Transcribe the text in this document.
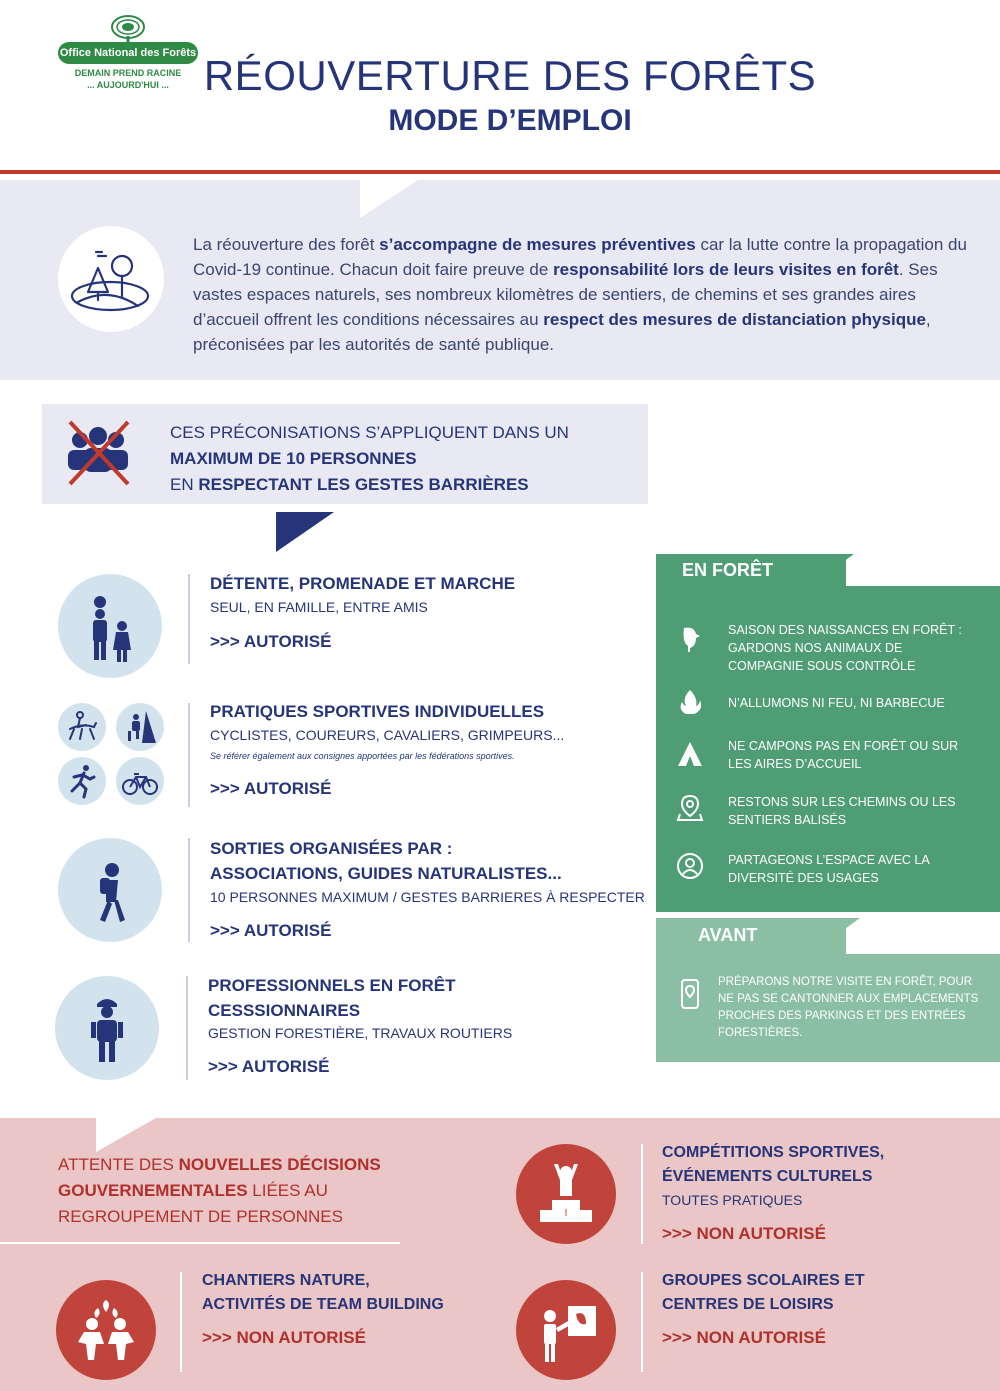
Office National des Forêts
DEMAIN PREND RACINE
... AUJOURD'HUI ... RÉOUVERTURE DES FORÊTS
MODE D’EMPLOI
La réouverture des forêt s’accompagne de mesures préventives car la lutte contre la propagation du Covid-19 continue. Chacun doit faire preuve de responsabilité lors de leurs visites en forêt. Ses vastes espaces naturels, ses nombreux kilomètres de sentiers, de chemins et ses grandes aires d’accueil offrent les conditions nécessaires au respect des mesures de distanciation physique, préconisées par les autorités de santé publique.
CES PRÉCONISATIONS S’APPLIQUENT DANS UN
MAXIMUM DE 10 PERSONNES
EN RESPECTANT LES GESTES BARRIÈRES
DÉTENTE, PROMENADE ET MARCHE
SEUL, EN FAMILLE, ENTRE AMIS
>>> AUTORISÉ
PRATIQUES SPORTIVES INDIVIDUELLES
CYCLISTES, COUREURS, CAVALIERS, GRIMPEURS...
Se référer également aux consignes apportées par les fédérations sportives.
>>> AUTORISÉ
SORTIES ORGANISÉES PAR :
ASSOCIATIONS, GUIDES NATURALISTES...
10 PERSONNES MAXIMUM / GESTES BARRIERES À RESPECTER
>>> AUTORISÉ
PROFESSIONNELS EN FORÊT
CESSSIONNAIRES
GESTION FORESTIÈRE, TRAVAUX ROUTIERS
>>> AUTORISÉ
EN FORÊT
SAISON DES NAISSANCES EN FORÊT : GARDONS NOS ANIMAUX DE COMPAGNIE SOUS CONTRÔLE
N’ALLUMONS NI FEU, NI BARBECUE
NE CAMPONS PAS EN FORÊT OU SUR LES AIRES D’ACCUEIL
RESTONS SUR LES CHEMINS OU LES SENTIERS BALISÉS
PARTAGEONS L’ESPACE AVEC LA DIVERSITÉ DES USAGES
AVANT
PRÉPARONS NOTRE VISITE EN FORÊT, POUR NE PAS SE CANTONNER AUX EMPLACEMENTS PROCHES DES PARKINGS ET DES ENTRÉES FORESTIÈRES.
ATTENTE DES NOUVELLES DÉCISIONS GOUVERNEMENTALES LIÉES AU REGROUPEMENT DE PERSONNES	I
COMPÉTITIONS SPORTIVES,
ÉVÉNEMENTS CULTURELS
TOUTES PRATIQUES
>>> NON AUTORISÉ
CHANTIERS NATURE,
ACTIVITÉS DE TEAM BUILDING
>>> NON AUTORISÉ
GROUPES SCOLAIRES ET
CENTRES DE LOISIRS
>>> NON AUTORISÉ
